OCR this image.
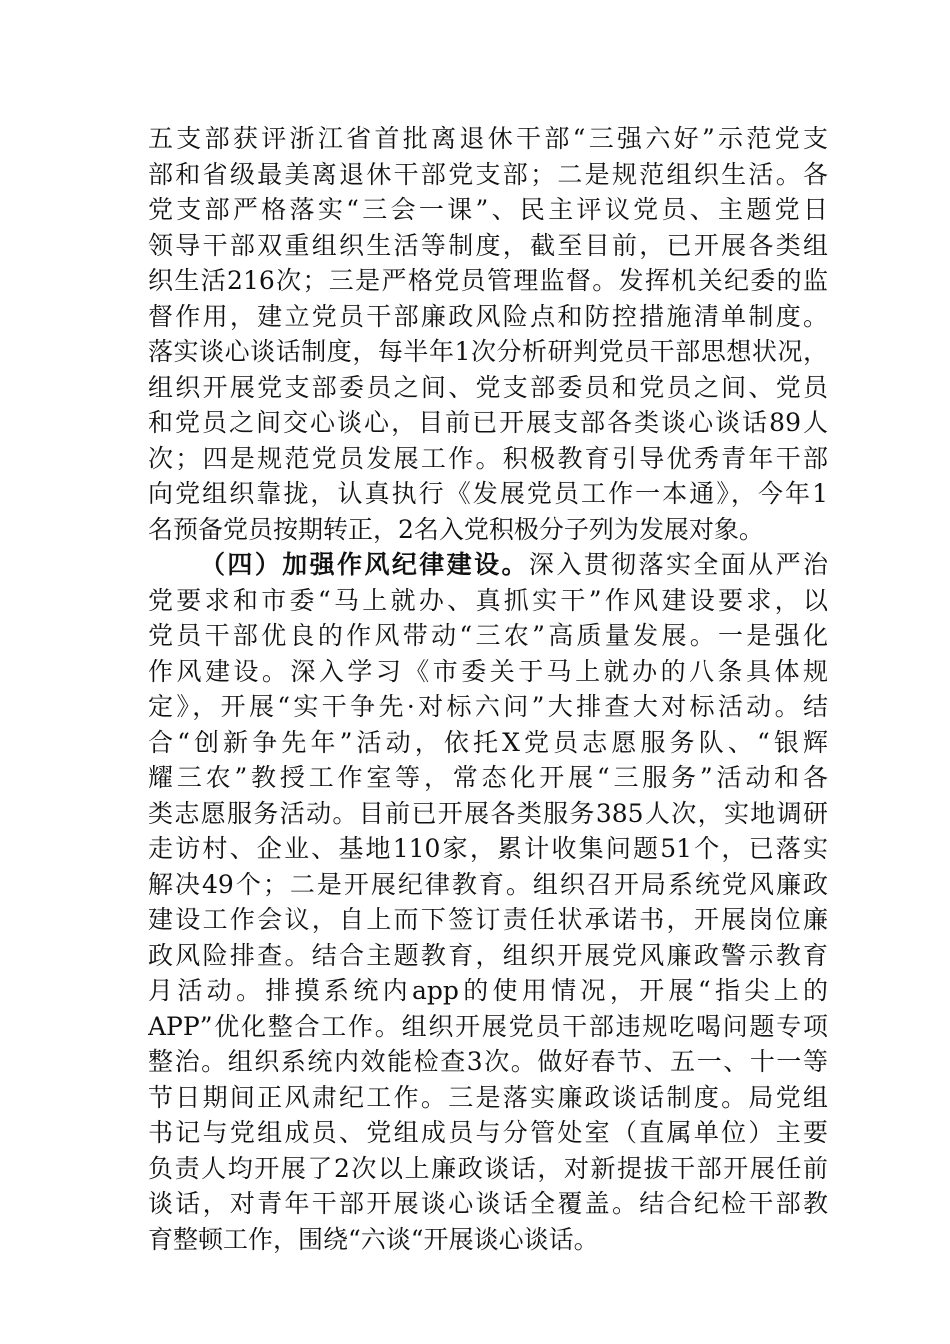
五支部获评浙江省首批离退休干部“三强六好”示范党支
部和省级最美离退休干部党支部；二是规范组织生活。各
党支部严格落实“三会一课”、民主评议党员、主题党日
领导干部双重组织生活等制度，截至目前，已开展各类组
织生活216次；三是严格党员管理监督。发挥机关纪委的监
督作用，建立党员干部廉政风险点和防控措施清单制度。
落实谈心谈话制度，每半年1次分析研判党员干部思想状况，
组织开展党支部委员之间、党支部委员和党员之间、党员
和党员之间交心谈心，目前已开展支部各类谈心谈话89人
次；四是规范党员发展工作。积极教育引导优秀青年干部
向党组织靠拢，认真执行《发展党员工作一本通》，今年1
名预备党员按期转正，2名入党积极分子列为发展对象。
（四）加强作风纪律建设。深入贯彻落实全面从严治
党要求和市委“马上就办、真抓实干”作风建设要求，以
党员干部优良的作风带动“三农”高质量发展。一是强化
作风建设。深入学习《市委关于马上就办的八条具体规
定》，开展“实干争先·对标六问”大排查大对标活动。结
合“创新争先年”活动，依托X党员志愿服务队、“银辉
耀三农”教授工作室等，常态化开展“三服务”活动和各
类志愿服务活动。目前已开展各类服务385人次，实地调研
走访村、企业、基地110家，累计收集问题51个，已落实
解决49个；二是开展纪律教育。组织召开局系统党风廉政
建设工作会议，自上而下签订责任状承诺书，开展岗位廉
政风险排查。结合主题教育，组织开展党风廉政警示教育
月活动。排摸系统内app的使用情况，开展“指尖上的
APP”优化整合工作。组织开展党员干部违规吃喝问题专项
整治。组织系统内效能检查3次。做好春节、五一、十一等
节日期间正风肃纪工作。三是落实廉政谈话制度。局党组
书记与党组成员、党组成员与分管处室（直属单位）主要
负责人均开展了2次以上廉政谈话，对新提拔干部开展任前
谈话，对青年干部开展谈心谈话全覆盖。结合纪检干部教
育整顿工作，围绕“六谈“开展谈心谈话。
